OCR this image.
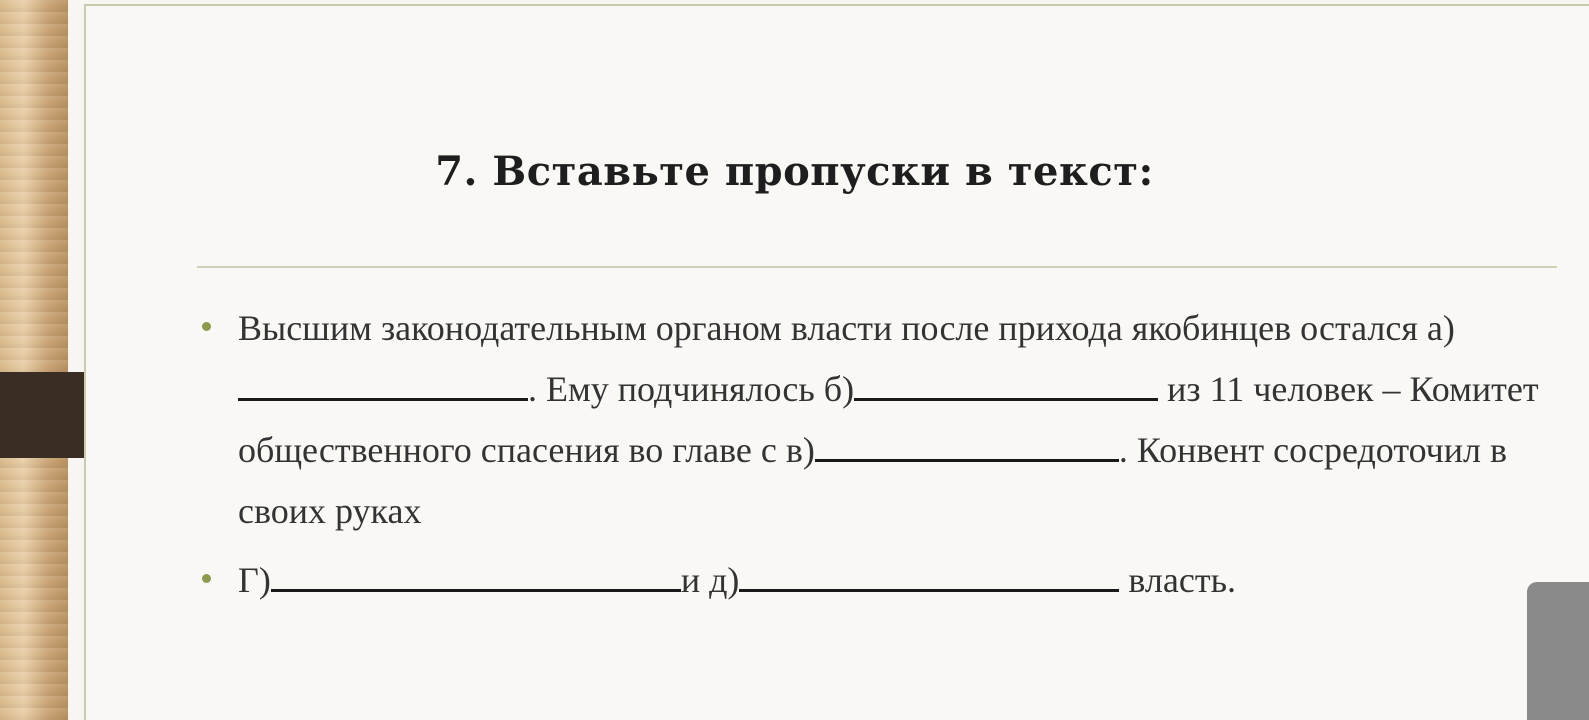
7. Вставьте пропуски в текст:
Высшим законодательным органом власти после прихода якобинцев остался а). Ему подчинялось б)	из 11 человек – Комитет общественного спасения во главе с в)	. Конвент сосредоточил в своих руках
Г)	и д)	власть.
